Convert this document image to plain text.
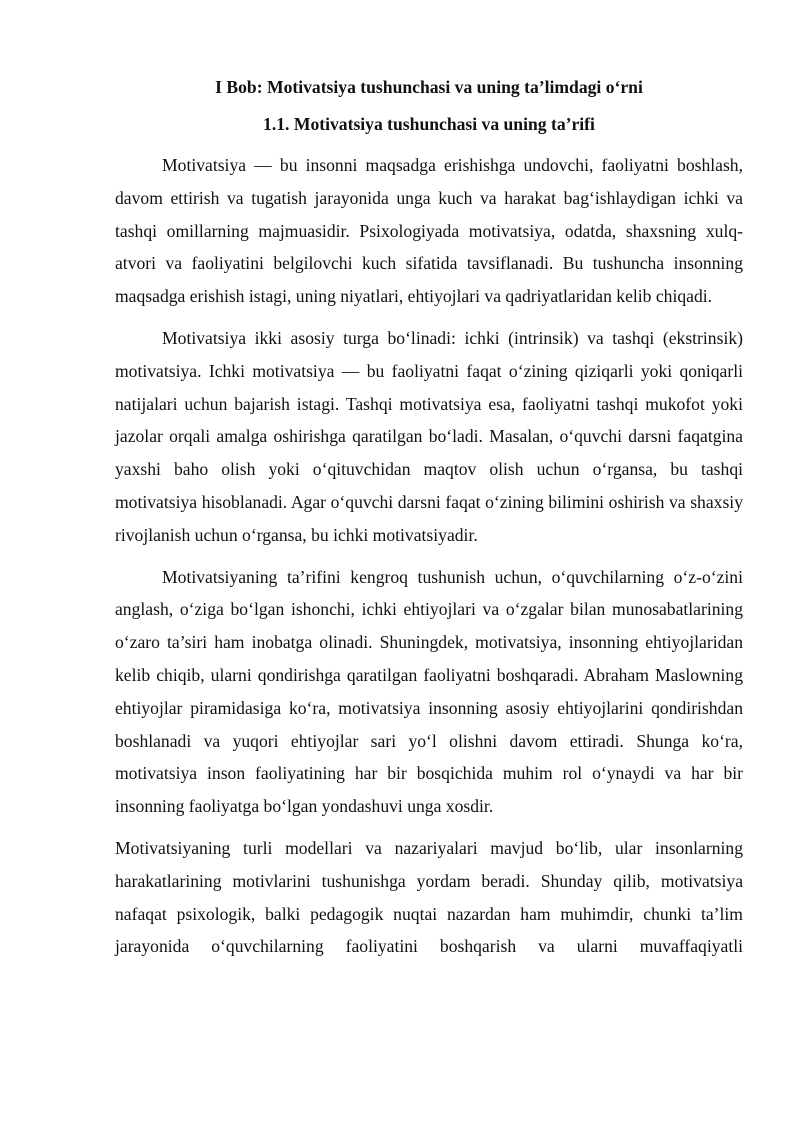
I Bob: Motivatsiya tushunchasi va uning ta’limdagi o‘rni
1.1. Motivatsiya tushunchasi va uning ta’rifi

Motivatsiya — bu insonni maqsadga erishishga undovchi, faoliyatni boshlash, davom ettirish va tugatish jarayonida unga kuch va harakat bag‘ishlaydigan ichki va tashqi omillarning majmuasidir. Psixologiyada motivatsiya, odatda, shaxsning xulq-atvori va faoliyatini belgilovchi kuch sifatida tavsiflanadi. Bu tushuncha insonning maqsadga erishish istagi, uning niyatlari, ehtiyojlari va qadriyatlaridan kelib chiqadi.

Motivatsiya ikki asosiy turga bo‘linadi: ichki (intrinsik) va tashqi (ekstrinsik) motivatsiya. Ichki motivatsiya — bu faoliyatni faqat o‘zining qiziqarli yoki qoniqarli natijalari uchun bajarish istagi. Tashqi motivatsiya esa, faoliyatni tashqi mukofot yoki jazolar orqali amalga oshirishga qaratilgan bo‘ladi. Masalan, o‘quvchi darsni faqatgina yaxshi baho olish yoki o‘qituvchidan maqtov olish uchun o‘rgansa, bu tashqi motivatsiya hisoblanadi. Agar o‘quvchi darsni faqat o‘zining bilimini oshirish va shaxsiy rivojlanish uchun o‘rgansa, bu ichki motivatsiyadir.

Motivatsiyaning ta’rifini kengroq tushunish uchun, o‘quvchilarning o‘z-o‘zini anglash, o‘ziga bo‘lgan ishonchi, ichki ehtiyojlari va o‘zgalar bilan munosabatlarining o‘zaro ta’siri ham inobatga olinadi. Shuningdek, motivatsiya, insonning ehtiyojlaridan kelib chiqib, ularni qondirishga qaratilgan faoliyatni boshqaradi. Abraham Maslowning ehtiyojlar piramidasiga ko‘ra, motivatsiya insonning asosiy ehtiyojlarini qondirishdan boshlanadi va yuqori ehtiyojlar sari yo‘l olishni davom ettiradi. Shunga ko‘ra, motivatsiya inson faoliyatining har bir bosqichida muhim rol o‘ynaydi va har bir insonning faoliyatga bo‘lgan yondashuvi unga xosdir.

Motivatsiyaning turli modellari va nazariyalari mavjud bo‘lib, ular insonlarning harakatlarining motivlarini tushunishga yordam beradi. Shunday qilib, motivatsiya nafaqat psixologik, balki pedagogik nuqtai nazardan ham muhimdir, chunki ta’lim jarayonida o‘quvchilarning faoliyatini boshqarish va ularni muvaffaqiyatli
